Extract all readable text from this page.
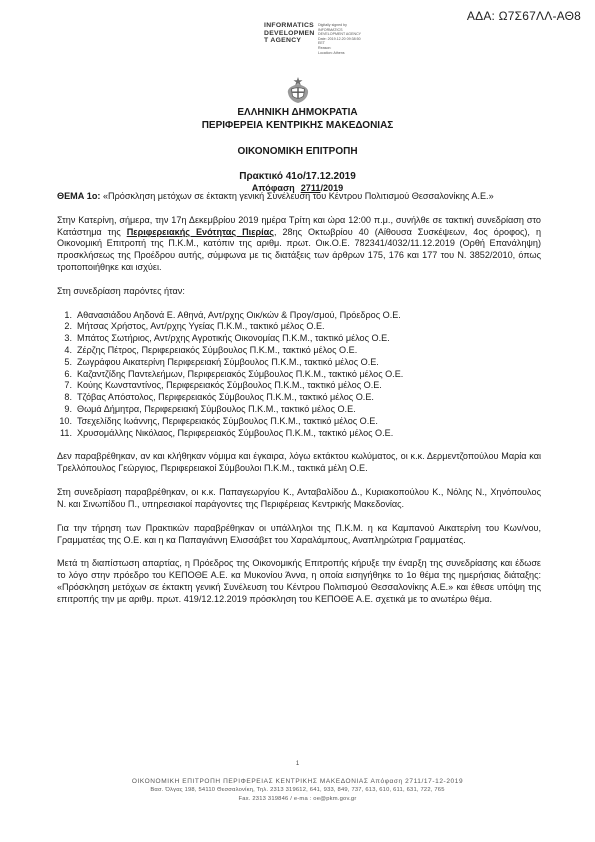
ΑΔΑ: Ω7Σ67ΛΛ-ΑΘ8
INFORMATICS
DEVELOPMEN
T AGENCY
Digitally signed by
INFORMATICS
DEVELOPMENT AGENCY
Date: 2019.12.20 09:38:50
EET
Reason:
Location: Athens
ΕΛΛΗΝΙΚΗ ΔΗΜΟΚΡΑΤΙΑ
ΠΕΡΙΦΕΡΕΙΑ ΚΕΝΤΡΙΚΗΣ ΜΑΚΕΔΟΝΙΑΣ
ΟΙΚΟΝΟΜΙΚΗ ΕΠΙΤΡΟΠΗ
Πρακτικό 41ο/17.12.2019
Απόφαση 2711/2019

ΘΕΜΑ 1ο: «Πρόσκληση μετόχων σε έκτακτη γενική Συνέλευση του Κέντρου Πολιτισμού Θεσσαλονίκης Α.Ε.»

Στην Κατερίνη, σήμερα, την 17η Δεκεμβρίου 2019 ημέρα Τρίτη και ώρα 12:00 π.μ., συνήλθε σε τακτική συνεδρίαση στο Κατάστημα της Περιφερειακής Ενότητας Πιερίας, 28ης Οκτωβρίου 40 (Αίθουσα Συσκέψεων, 4ος όροφος), η Οικονομική Επιτροπή της Π.Κ.Μ., κατόπιν της αριθμ. πρωτ. Οικ.Ο.Ε. 782341/4032/11.12.2019 (Ορθή Επανάληψη) προσκλήσεως της Προέδρου αυτής, σύμφωνα με τις διατάξεις των άρθρων 175, 176 και 177 του Ν. 3852/2010, όπως τροποποιήθηκε και ισχύει.

Στη συνεδρίαση παρόντες ήταν:

1. Αθανασιάδου Αηδονά Ε. Αθηνά, Αντ/ρχης Οικ/κών & Προγ/σμού, Πρόεδρος Ο.Ε.
2. Μήτσας Χρήστος, Αντ/ρχης Υγείας Π.Κ.Μ., τακτικό μέλος Ο.Ε.
3. Μπάτος Σωτήριος, Αντ/ρχης Αγροτικής Οικονομίας Π.Κ.Μ., τακτικό μέλος Ο.Ε.
4. Ζέρζης Πέτρος, Περιφερειακός Σύμβουλος Π.Κ.Μ., τακτικό μέλος Ο.Ε.
5. Ζωγράφου Αικατερίνη Περιφερειακή Σύμβουλος Π.Κ.Μ., τακτικό μέλος Ο.Ε.
6. Καζαντζίδης Παντελεήμων, Περιφερειακός Σύμβουλος Π.Κ.Μ., τακτικό μέλος Ο.Ε.
7. Κούης Κωνσταντίνος, Περιφερειακός Σύμβουλος Π.Κ.Μ., τακτικό μέλος Ο.Ε.
8. Τζόβας Απόστολος, Περιφερειακός Σύμβουλος Π.Κ.Μ., τακτικό μέλος Ο.Ε.
9. Θωμά Δήμητρα, Περιφερειακή Σύμβουλος Π.Κ.Μ., τακτικό μέλος Ο.Ε.
10. Τσεχελίδης Ιωάννης, Περιφερειακός Σύμβουλος Π.Κ.Μ., τακτικό μέλος Ο.Ε.
11. Χρυσομάλλης Νικόλαος, Περιφερειακός Σύμβουλος Π.Κ.Μ., τακτικό μέλος Ο.Ε.

Δεν παραβρέθηκαν, αν και κλήθηκαν νόμιμα και έγκαιρα, λόγω εκτάκτου κωλύματος, οι κ.κ. Δερμεντζοπούλου Μαρία και Τρελλόπουλος Γεώργιος, Περιφερειακοί Σύμβουλοι Π.Κ.Μ., τακτικά μέλη Ο.Ε.

Στη συνεδρίαση παραβρέθηκαν, οι κ.κ. Παπαγεωργίου Κ., Ανταβαλίδου Δ., Κυριακοπούλου Κ., Νόλης Ν., Χηνόπουλος Ν. και Σινωπίδου Π., υπηρεσιακοί παράγοντες της Περιφέρειας Κεντρικής Μακεδονίας.

Για την τήρηση των Πρακτικών παραβρέθηκαν οι υπάλληλοι της Π.Κ.Μ. η κα Καμπανού Αικατερίνη του Κων/νου, Γραμματέας της Ο.Ε. και η κα Παπαγιάννη Ελισσάβετ του Χαραλάμπους, Αναπληρώτρια Γραμματέας.

Μετά τη διαπίστωση απαρτίας, η Πρόεδρος της Οικονομικής Επιτροπής κήρυξε την έναρξη της συνεδρίασης και έδωσε το λόγο στην πρόεδρο του ΚΕΠΟΘΕ Α.Ε. κα Μυκονίου Άννα, η οποία εισηγήθηκε το 1ο θέμα της ημερήσιας διάταξης: «Πρόσκληση μετόχων σε έκτακτη γενική Συνέλευση του Κέντρου Πολιτισμού Θεσσαλονίκης Α.Ε.» και έθεσε υπόψη της επιτροπής την με αριθμ. πρωτ. 419/12.12.2019 πρόσκληση του ΚΕΠΟΘΕ Α.Ε. σχετικά με το ανωτέρω θέμα.

1
ΟΙΚΟΝΟΜΙΚΗ ΕΠΙΤΡΟΠΗ ΠΕΡΙΦΕΡΕΙΑΣ ΚΕΝΤΡΙΚΗΣ ΜΑΚΕΔΟΝΙΑΣ Απόφαση 2711/17-12-2019
Βασ. Όλγας 198, 54110 Θεσσαλονίκη, Τηλ. 2313 319612, 641, 933, 849, 737, 613, 610, 611, 631, 722, 765
Fax. 2313 319846 / e-ma : oe@pkm.gov.gr
